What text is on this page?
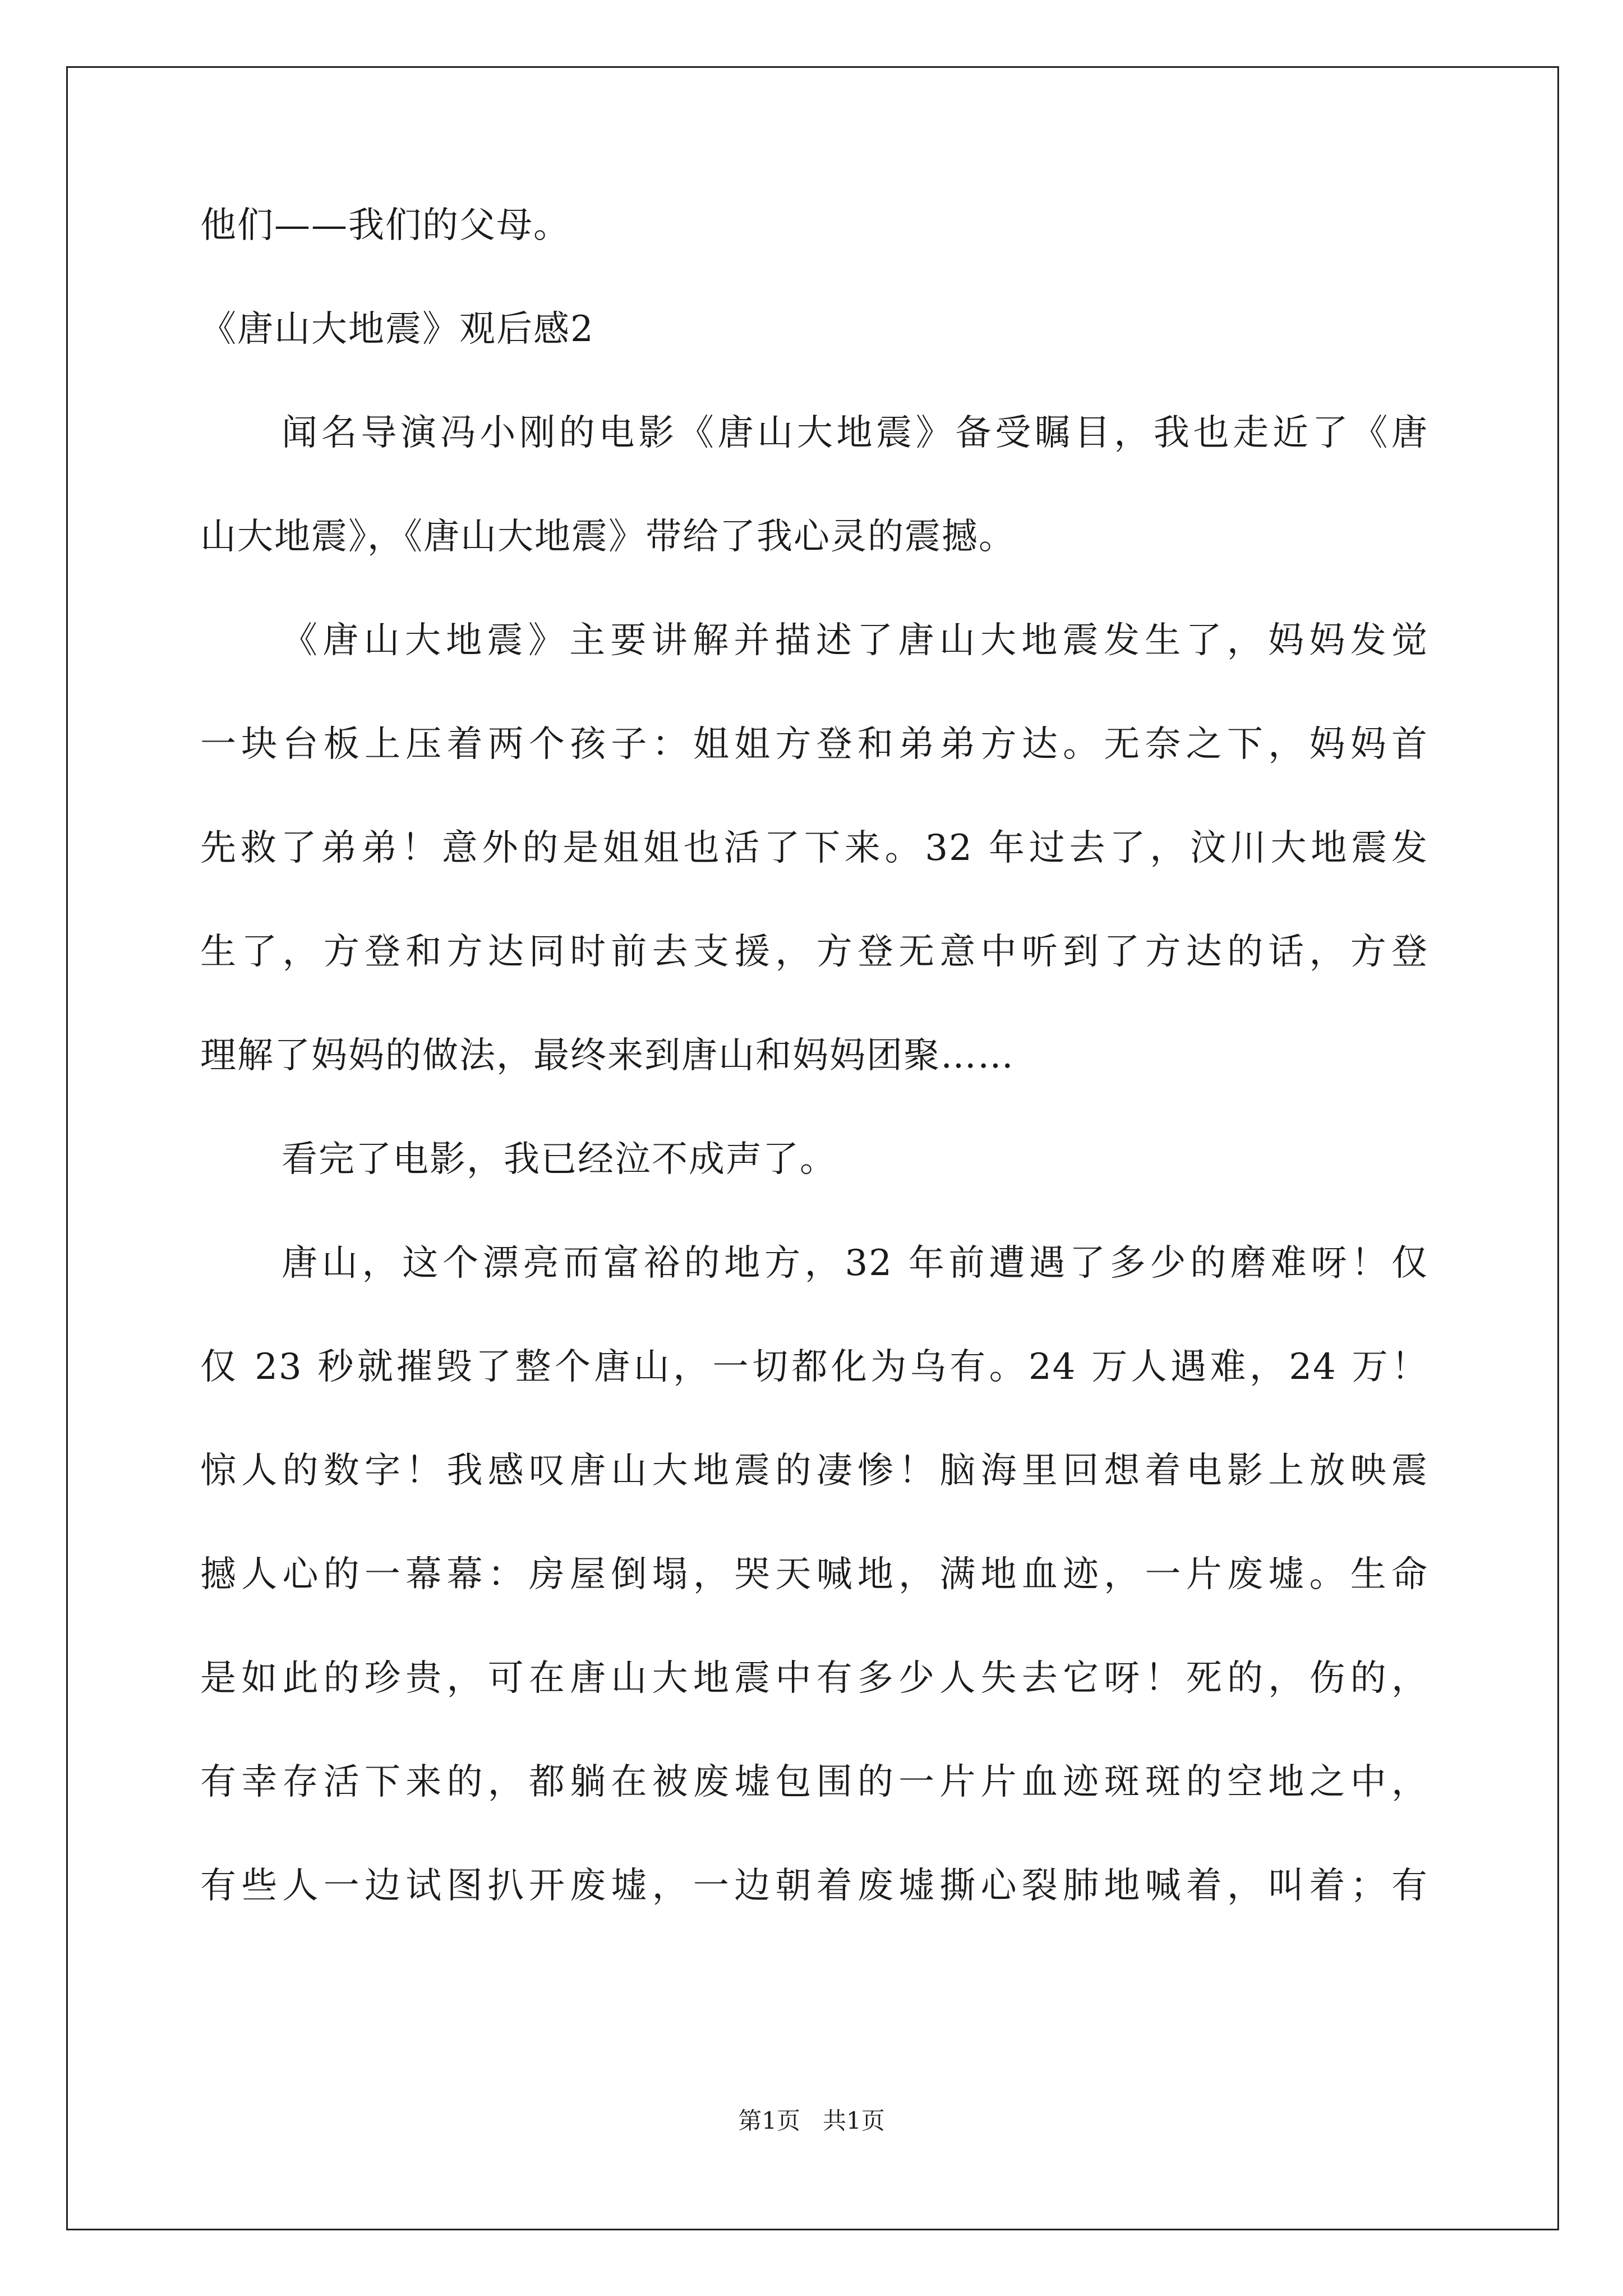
他们——我们的父母。
《唐山大地震》观后感2
闻名导演冯小刚的电影《唐山大地震》备受瞩目，我也走近了《唐
山大地震》，《唐山大地震》带给了我心灵的震撼。
《唐山大地震》主要讲解并描述了唐山大地震发生了，妈妈发觉
一块台板上压着两个孩子：姐姐方登和弟弟方达。无奈之下，妈妈首
先救了弟弟！意外的是姐姐也活了下来。32 年过去了，汶川大地震发
生了，方登和方达同时前去支援，方登无意中听到了方达的话，方登
理解了妈妈的做法，最终来到唐山和妈妈团聚……
看完了电影，我已经泣不成声了。
唐山，这个漂亮而富裕的地方，32 年前遭遇了多少的磨难呀！仅
仅 23 秒就摧毁了整个唐山，一切都化为乌有。24 万人遇难，24 万！
惊人的数字！我感叹唐山大地震的凄惨！脑海里回想着电影上放映震
撼人心的一幕幕：房屋倒塌，哭天喊地，满地血迹，一片废墟。生命
是如此的珍贵，可在唐山大地震中有多少人失去它呀！死的，伤的，
有幸存活下来的，都躺在被废墟包围的一片片血迹斑斑的空地之中，
有些人一边试图扒开废墟，一边朝着废墟撕心裂肺地喊着，叫着；有
第1页   共1页
